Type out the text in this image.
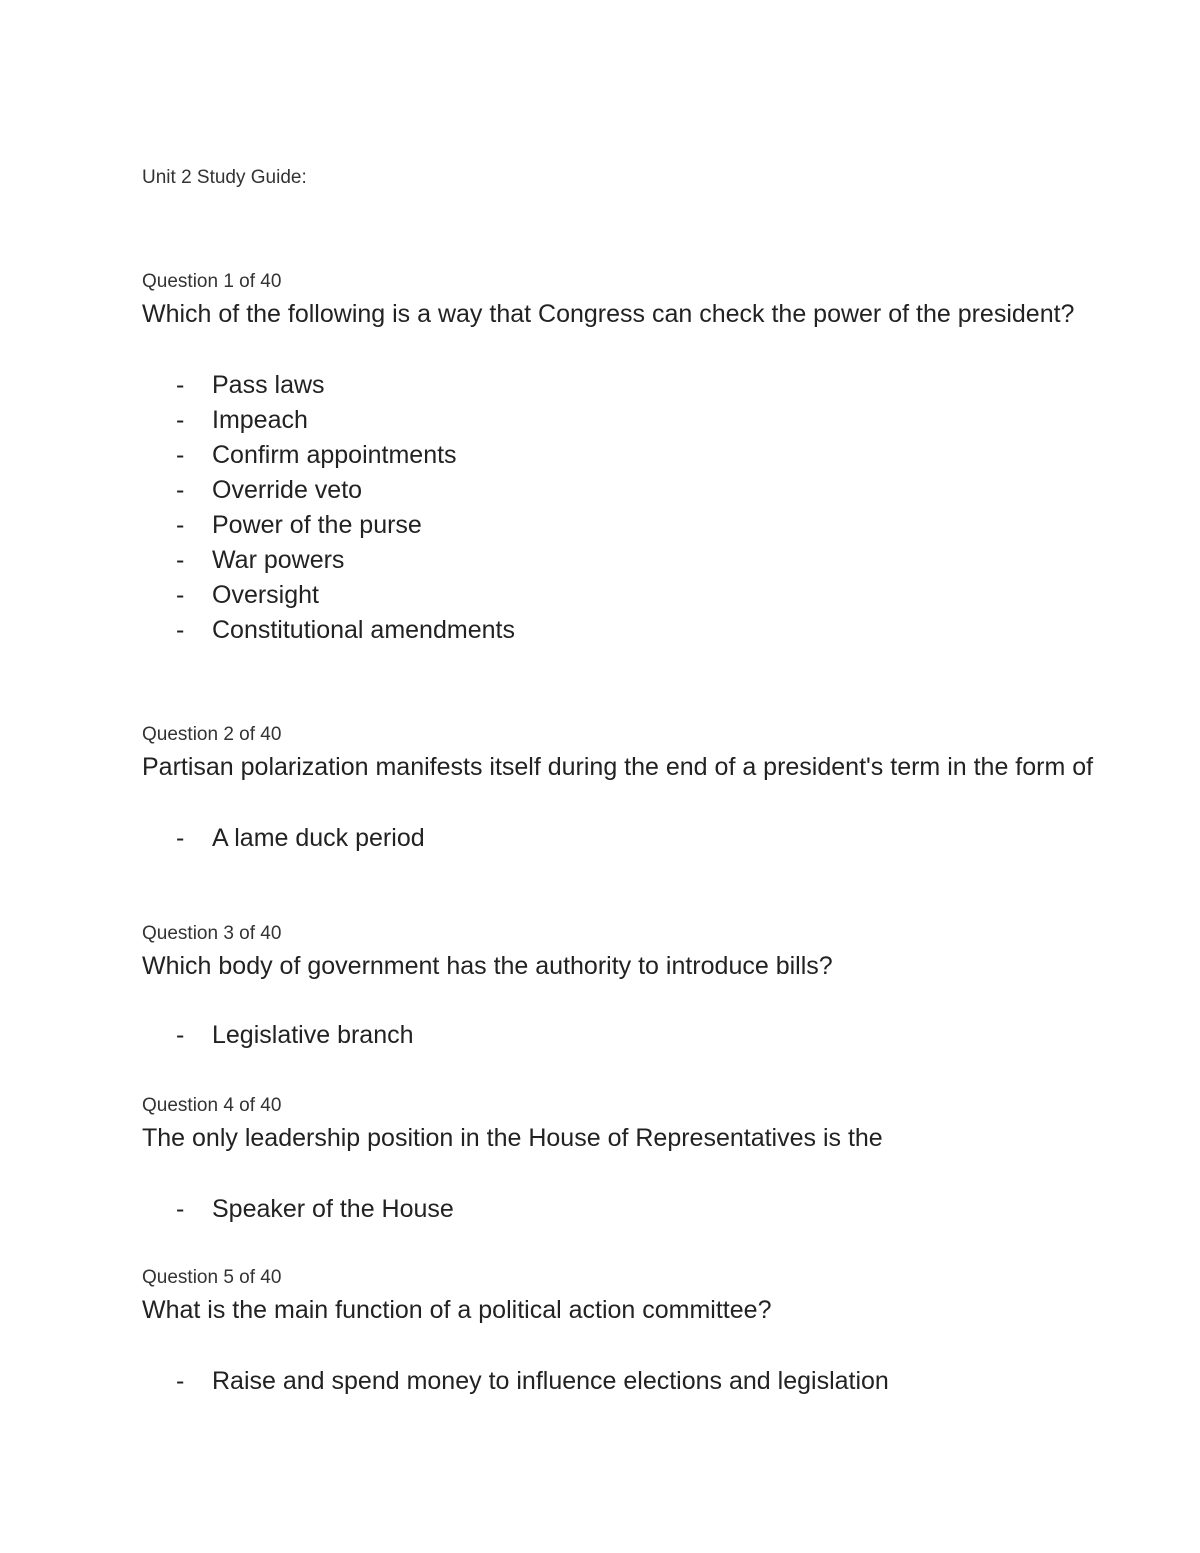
Unit 2 Study Guide:
Question 1 of 40
Which of the following is a way that Congress can check the power of the president?
- Pass laws
- Impeach
- Confirm appointments
- Override veto
- Power of the purse
- War powers
- Oversight
- Constitutional amendments
Question 2 of 40
Partisan polarization manifests itself during the end of a president's term in the form of
- A lame duck period
Question 3 of 40
Which body of government has the authority to introduce bills?
- Legislative branch
Question 4 of 40
The only leadership position in the House of Representatives is the
- Speaker of the House
Question 5 of 40
What is the main function of a political action committee?
- Raise and spend money to influence elections and legislation
